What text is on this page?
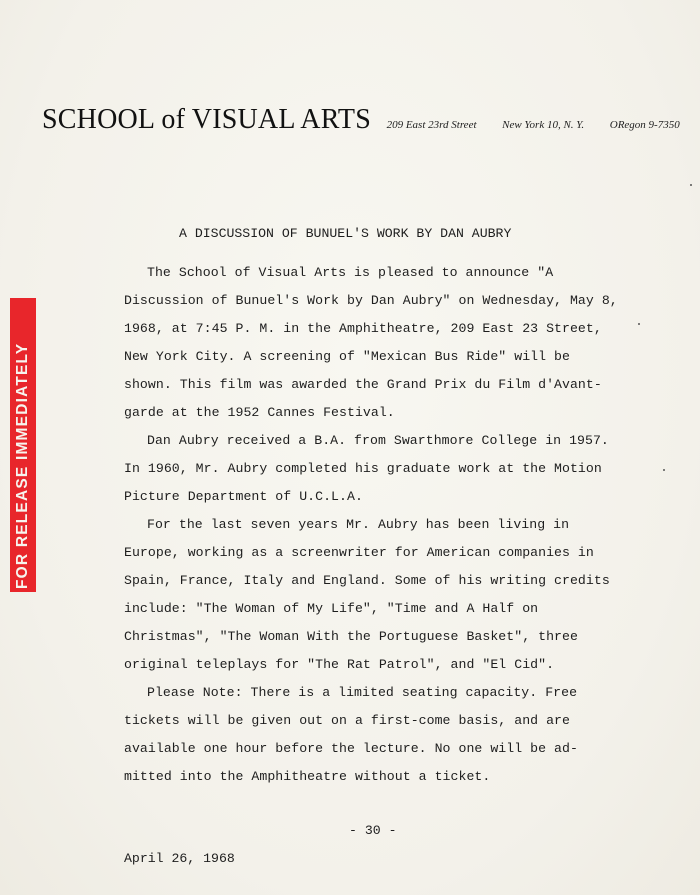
SCHOOL of VISUAL ARTS 209 East 23rd Street New York 10, N. Y. ORegon 9-7350
FOR RELEASE IMMEDIATELY
A DISCUSSION OF BUNUEL'S WORK BY DAN AUBRY
The School of Visual Arts is pleased to announce "A
Discussion of Bunuel's Work by Dan Aubry" on Wednesday, May 8,
1968, at 7:45 P. M. in the Amphitheatre, 209 East 23 Street,
New York City. A screening of "Mexican Bus Ride" will be
shown. This film was awarded the Grand Prix du Film d'Avant-
garde at the 1952 Cannes Festival.
Dan Aubry received a B.A. from Swarthmore College in 1957.
In 1960, Mr. Aubry completed his graduate work at the Motion
Picture Department of U.C.L.A.
For the last seven years Mr. Aubry has been living in
Europe, working as a screenwriter for American companies in
Spain, France, Italy and England. Some of his writing credits
include: "The Woman of My Life", "Time and A Half on
Christmas", "The Woman With the Portuguese Basket", three
original teleplays for "The Rat Patrol", and "El Cid".
Please Note: There is a limited seating capacity. Free
tickets will be given out on a first-come basis, and are
available one hour before the lecture. No one will be ad-
mitted into the Amphitheatre without a ticket.
- 30 -
April 26, 1968
